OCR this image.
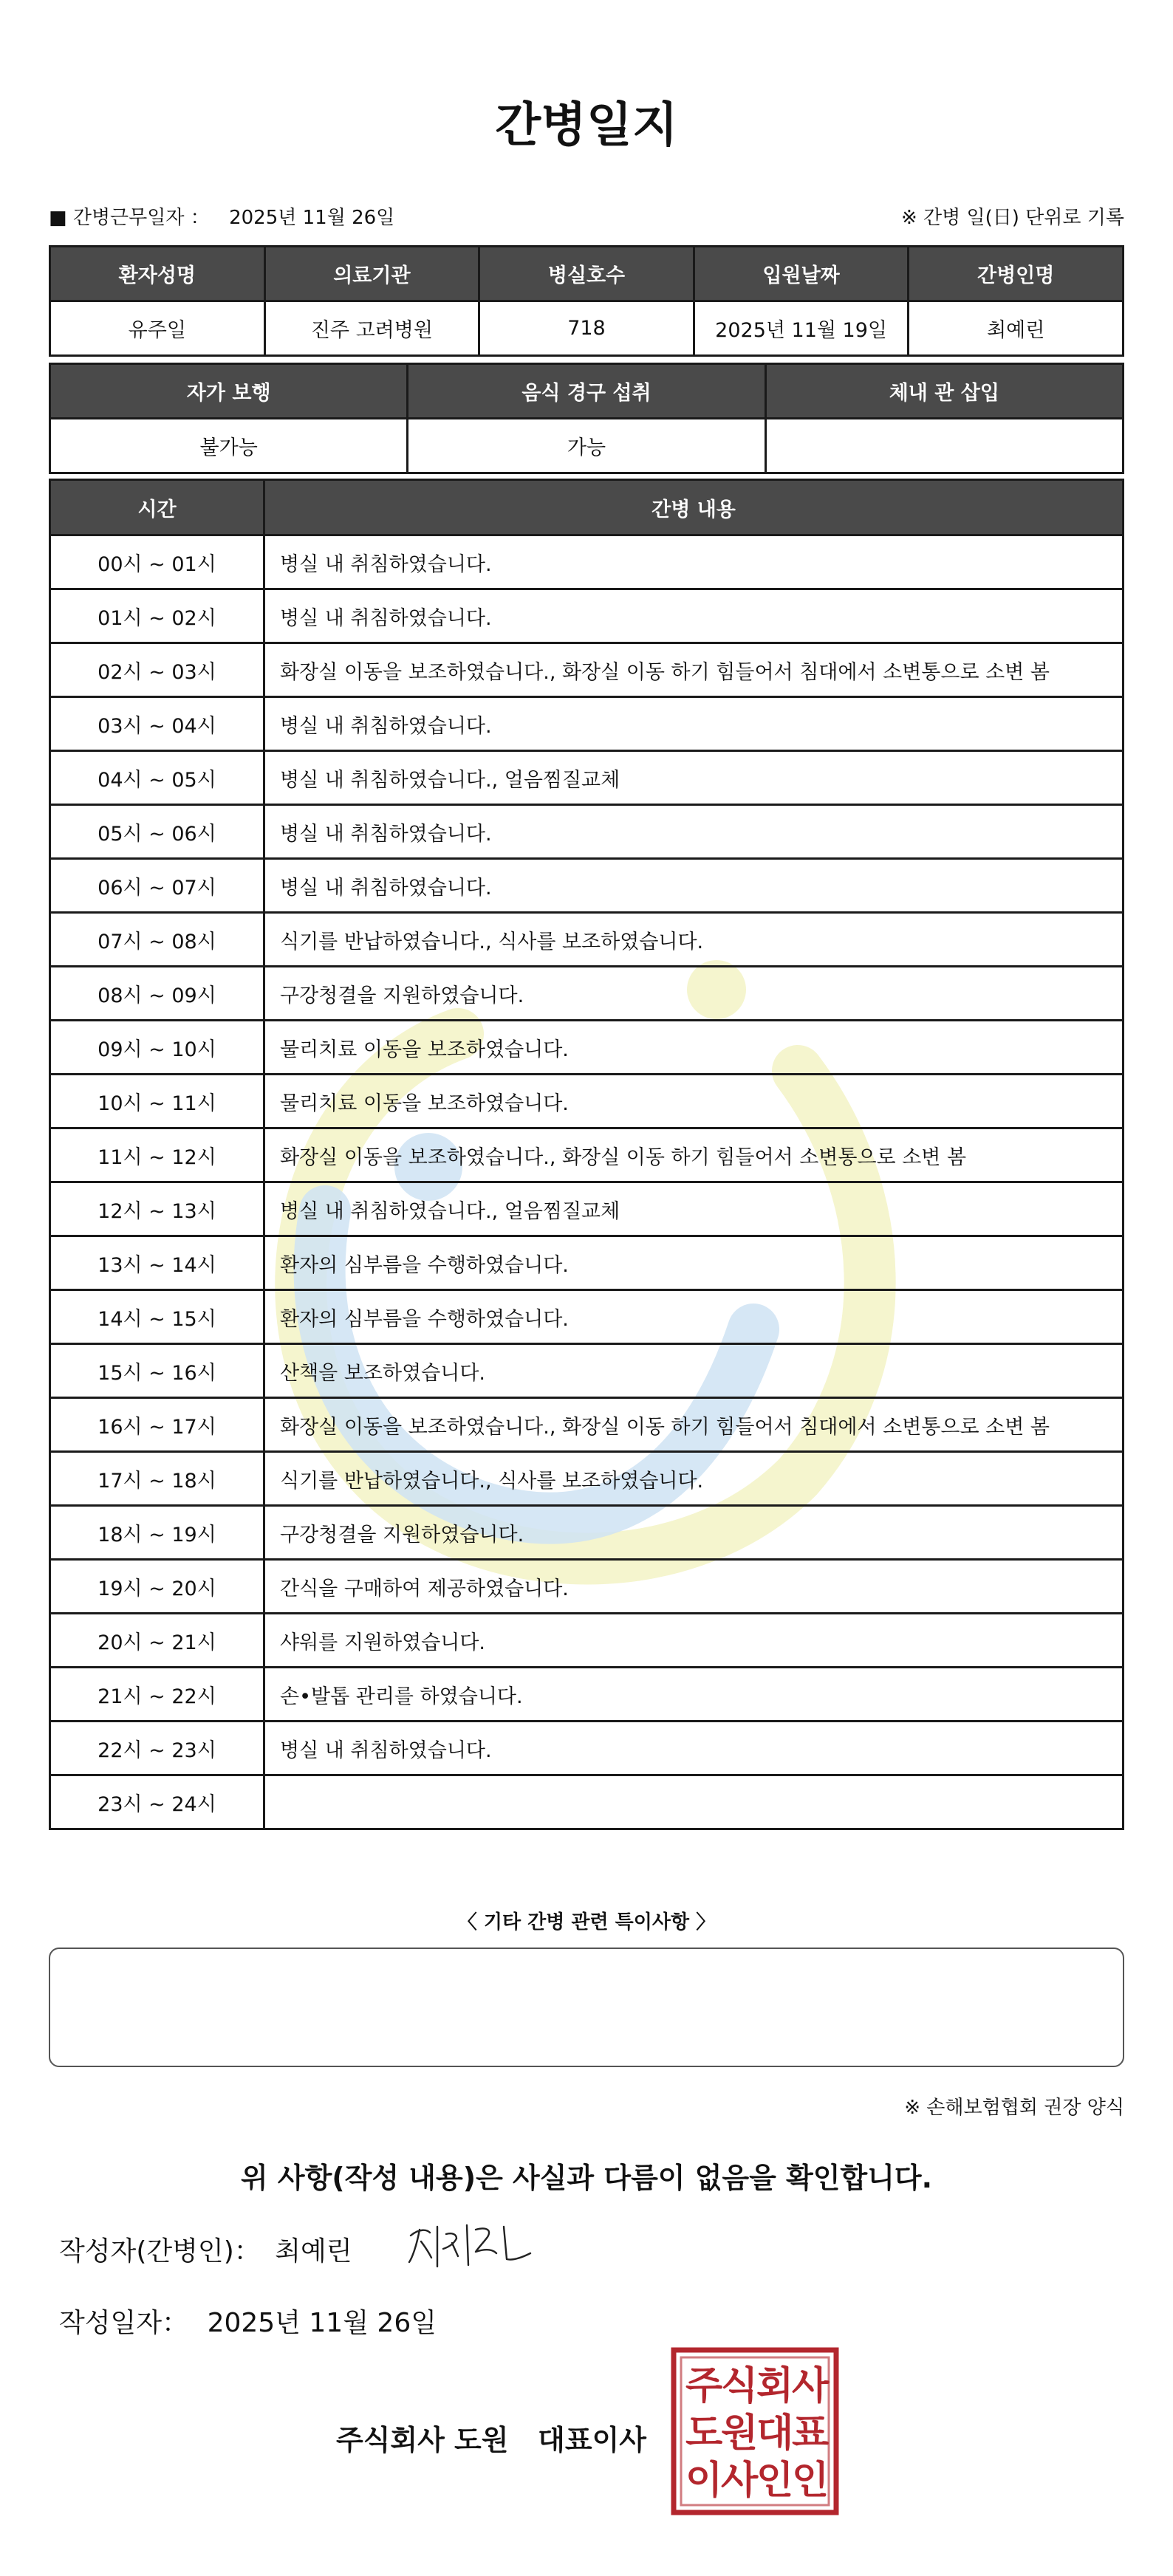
간병일지
■ 간병근무일자 ： 2025년 11월 26일	※ 간병 일(日) 단위로 기록
환자성명	의료기관	병실호수	입원날짜	간병인명
유주일	진주 고려병원	718	2025년 11월 19일	최예린
자가 보행	음식 경구 섭취	체내 관 삽입
불가능	가능	
시간	간병 내용
00시 ~ 01시	병실 내 취침하였습니다.
01시 ~ 02시	병실 내 취침하였습니다.
02시 ~ 03시	화장실 이동을 보조하였습니다., 화장실 이동 하기 힘들어서 침대에서 소변통으로 소변 봄
03시 ~ 04시	병실 내 취침하였습니다.
04시 ~ 05시	병실 내 취침하였습니다., 얼음찜질교체
05시 ~ 06시	병실 내 취침하였습니다.
06시 ~ 07시	병실 내 취침하였습니다.
07시 ~ 08시	식기를 반납하였습니다., 식사를 보조하였습니다.
08시 ~ 09시	구강청결을 지원하였습니다.
09시 ~ 10시	물리치료 이동을 보조하였습니다.
10시 ~ 11시	물리치료 이동을 보조하였습니다.
11시 ~ 12시	화장실 이동을 보조하였습니다., 화장실 이동 하기 힘들어서 소변통으로 소변 봄
12시 ~ 13시	병실 내 취침하였습니다., 얼음찜질교체
13시 ~ 14시	환자의 심부름을 수행하였습니다.
14시 ~ 15시	환자의 심부름을 수행하였습니다.
15시 ~ 16시	산책을 보조하였습니다.
16시 ~ 17시	화장실 이동을 보조하였습니다., 화장실 이동 하기 힘들어서 침대에서 소변통으로 소변 봄
17시 ~ 18시	식기를 반납하였습니다., 식사를 보조하였습니다.
18시 ~ 19시	구강청결을 지원하였습니다.
19시 ~ 20시	간식을 구매하여 제공하였습니다.
20시 ~ 21시	샤워를 지원하였습니다.
21시 ~ 22시	손•발톱 관리를 하였습니다.
22시 ~ 23시	병실 내 취침하였습니다.
23시 ~ 24시	
〈 기타 간병 관련 특이사항 〉
※ 손해보험협회 권장 양식
위 사항(작성 내용)은 사실과 다름이 없음을 확인합니다.
작성자(간병인)： 최예린
작성일자： 2025년 11월 26일
주식회사 도원   대표이사
주
식
회
사
도
원
대
표
이
사
인
인
